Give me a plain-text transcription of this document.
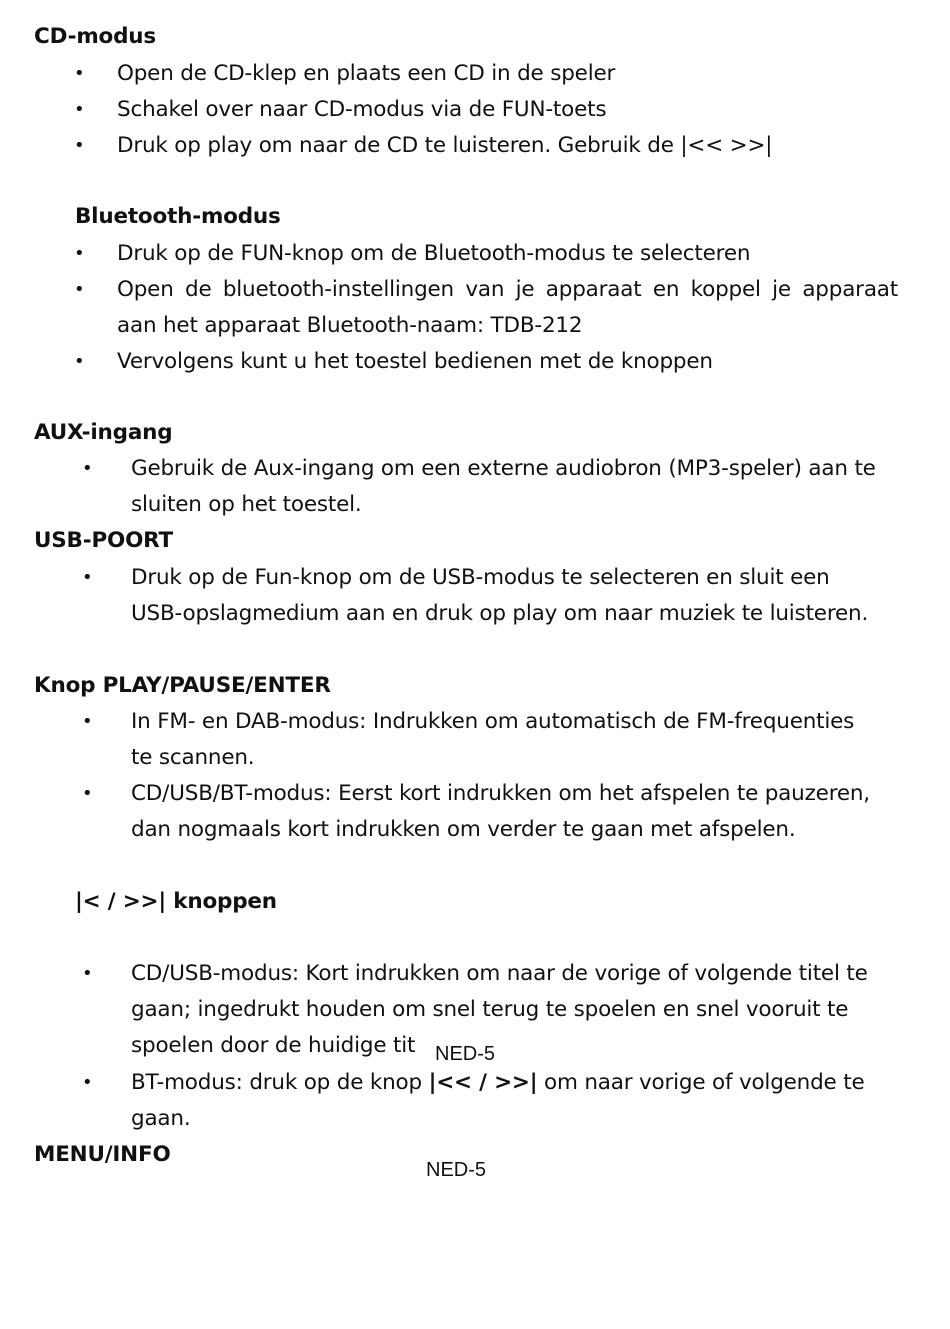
CD-modus
• Open de CD-klep en plaats een CD in de speler
• Schakel over naar CD-modus via de FUN-toets
• Druk op play om naar de CD te luisteren. Gebruik de |<< >>|
Bluetooth-modus
• Druk op de FUN-knop om de Bluetooth-modus te selecteren
• Open de bluetooth-instellingen van je apparaat en koppel je apparaat
aan het apparaat Bluetooth-naam: TDB-212
• Vervolgens kunt u het toestel bedienen met de knoppen
AUX-ingang
• Gebruik de Aux-ingang om een externe audiobron (MP3-speler) aan te
sluiten op het toestel.
USB-POORT
• Druk op de Fun-knop om de USB-modus te selecteren en sluit een
USB-opslagmedium aan en druk op play om naar muziek te luisteren.
Knop PLAY/PAUSE/ENTER
• In FM- en DAB-modus: Indrukken om automatisch de FM-frequenties
te scannen.
• CD/USB/BT-modus: Eerst kort indrukken om het afspelen te pauzeren,
dan nogmaals kort indrukken om verder te gaan met afspelen.
|< / >>| knoppen
• CD/USB-modus: Kort indrukken om naar de vorige of volgende titel te
gaan; ingedrukt houden om snel terug te spoelen en snel vooruit te
spoelen door de huidige tit NED-5
• BT-modus: druk op de knop |<< / >>| om naar vorige of volgende te
gaan.
MENU/INFO
NED-5
